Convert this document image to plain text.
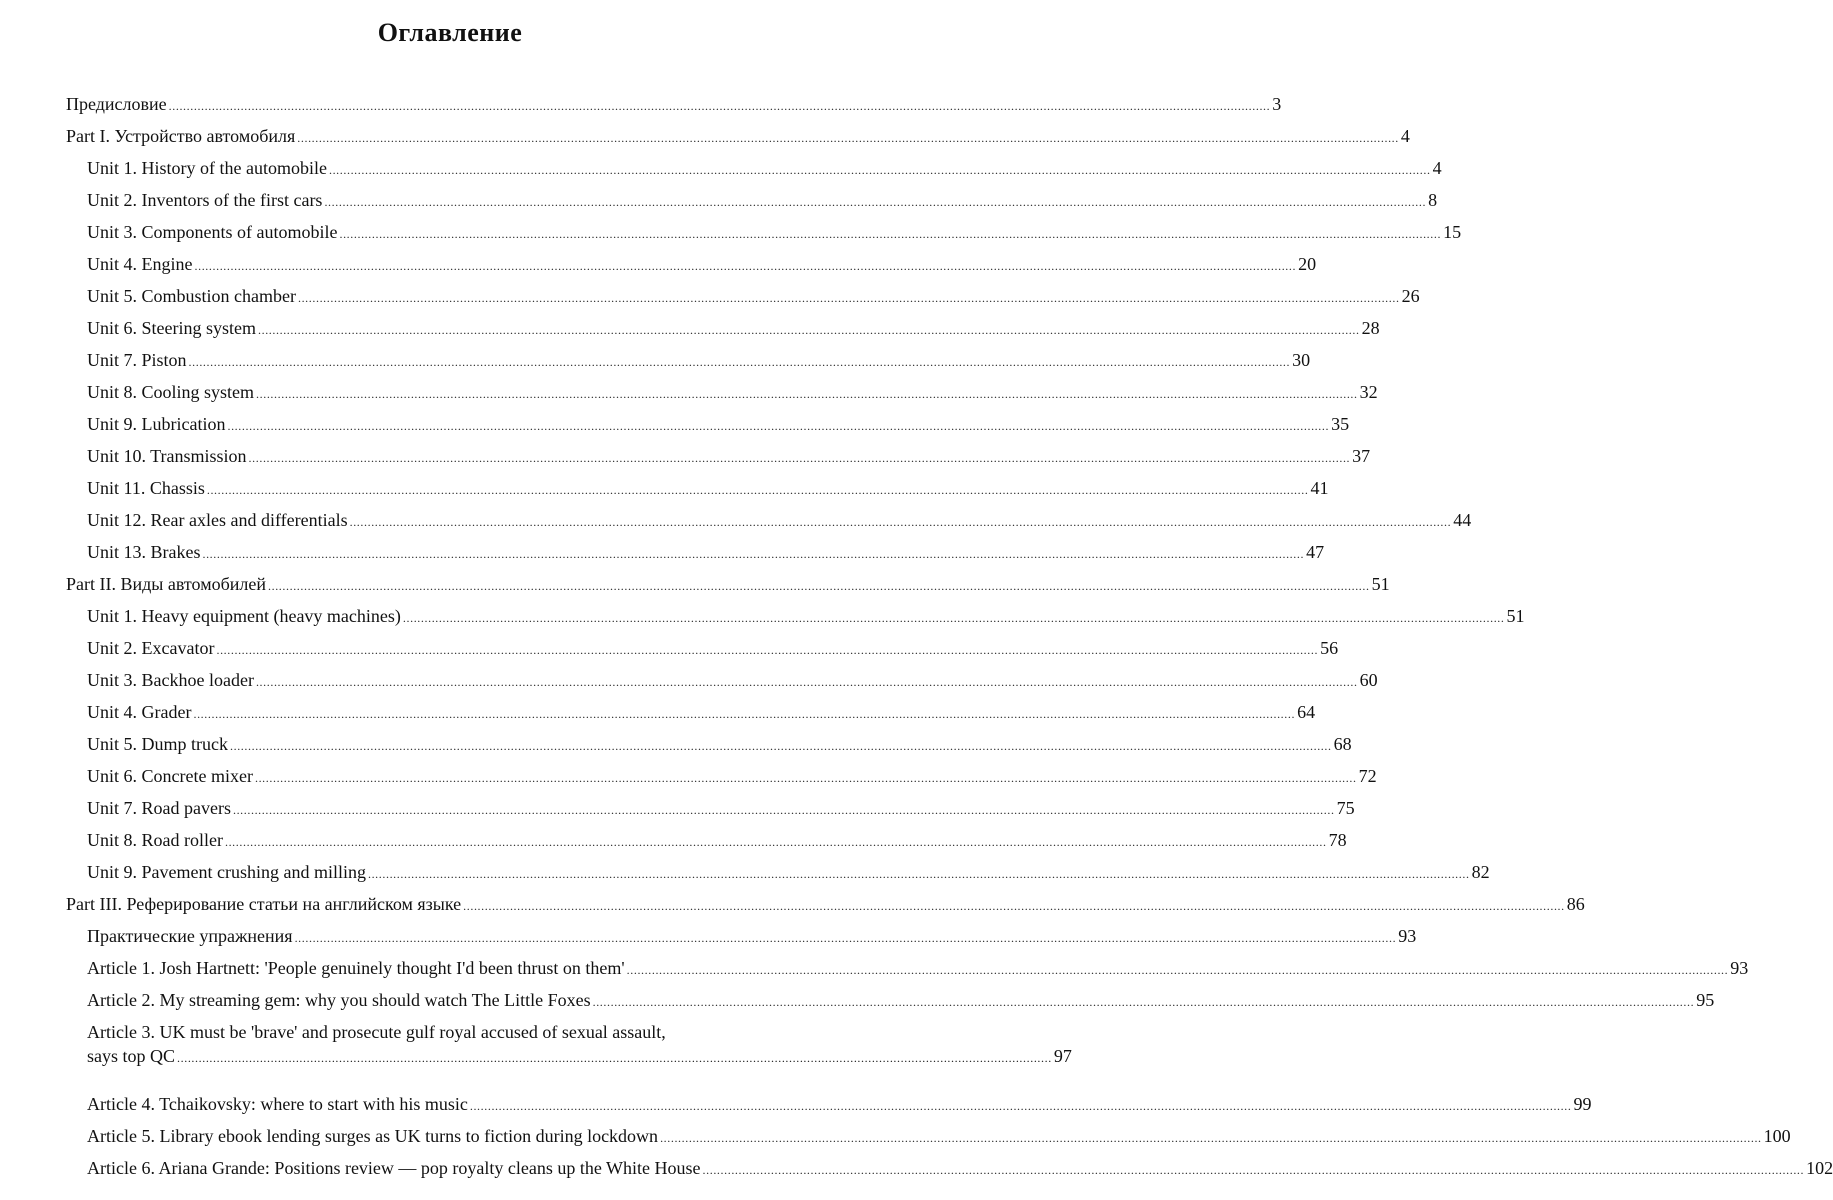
Оглавление
Предисловие .....	3
Part I. Устройство автомобиля .....	4
Unit 1. History of the automobile .....	4
Unit 2. Inventors of the first cars .....	8
Unit 3. Components of automobile .....	15
Unit 4. Engine .....	20
Unit 5. Combustion chamber .....	26
Unit 6. Steering system .....	28
Unit 7. Piston .....	30
Unit 8. Cooling system .....	32
Unit 9. Lubrication .....	35
Unit 10. Transmission .....	37
Unit 11. Chassis .....	41
Unit 12. Rear axles and differentials .....	44
Unit 13. Brakes .....	47
Part II. Виды автомобилей .....	51
Unit 1. Heavy equipment (heavy machines) .....	51
Unit 2. Excavator .....	56
Unit 3. Backhoe loader .....	60
Unit 4. Grader .....	64
Unit 5. Dump truck .....	68
Unit 6. Concrete mixer .....	72
Unit 7. Road pavers .....	75
Unit 8. Road roller .....	78
Unit 9. Pavement crushing and milling .....	82
Part III. Реферирование статьи на английском языке .....	86
Практические упражнения .....	93
Article 1. Josh Hartnett: 'People genuinely thought I'd been thrust on them' .....	93
Article 2. My streaming gem: why you should watch The Little Foxes .....	95
Article 3. UK must be 'brave' and prosecute gulf royal accused of sexual assault,
says top QC ................................................................................................................................................................................................................................................... 97
Article 4. Tchaikovsky: where to start with his music .....	99
Article 5. Library ebook lending surges as UK turns to fiction during lockdown .....	100
Article 6. Ariana Grande: Positions review — pop royalty cleans up the White House .....	102
